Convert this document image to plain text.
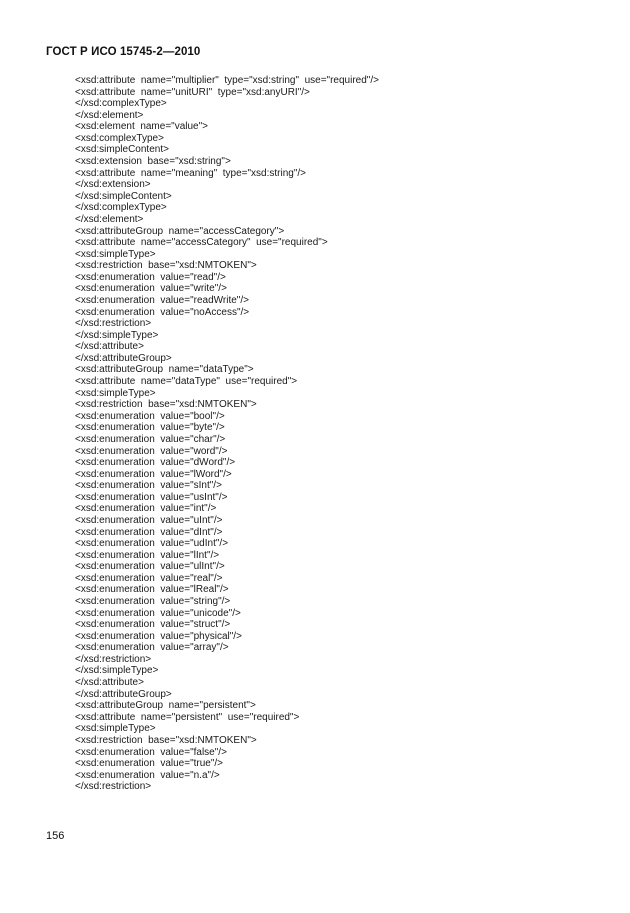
ГОСТ Р ИСО 15745-2—2010
<xsd:attribute  name="multiplier"  type="xsd:string"  use="required"/>
<xsd:attribute  name="unitURI"  type="xsd:anyURI"/>
</xsd:complexType>
</xsd:element>
<xsd:element  name="value">
<xsd:complexType>
<xsd:simpleContent>
<xsd:extension  base="xsd:string">
<xsd:attribute  name="meaning"  type="xsd:string"/>
</xsd:extension>
</xsd:simpleContent>
</xsd:complexType>
</xsd:element>
<xsd:attributeGroup  name="accessCategory">
<xsd:attribute  name="accessCategory"  use="required">
<xsd:simpleType>
<xsd:restriction  base="xsd:NMTOKEN">
<xsd:enumeration  value="read"/>
<xsd:enumeration  value="write"/>
<xsd:enumeration  value="readWrite"/>
<xsd:enumeration  value="noAccess"/>
</xsd:restriction>
</xsd:simpleType>
</xsd:attribute>
</xsd:attributeGroup>
<xsd:attributeGroup  name="dataType">
<xsd:attribute  name="dataType"  use="required">
<xsd:simpleType>
<xsd:restriction  base="xsd:NMTOKEN">
<xsd:enumeration  value="bool"/>
<xsd:enumeration  value="byte"/>
<xsd:enumeration  value="char"/>
<xsd:enumeration  value="word"/>
<xsd:enumeration  value="dWord"/>
<xsd:enumeration  value="lWord"/>
<xsd:enumeration  value="sInt"/>
<xsd:enumeration  value="usInt"/>
<xsd:enumeration  value="int"/>
<xsd:enumeration  value="uInt"/>
<xsd:enumeration  value="dInt"/>
<xsd:enumeration  value="udInt"/>
<xsd:enumeration  value="lInt"/>
<xsd:enumeration  value="ulInt"/>
<xsd:enumeration  value="real"/>
<xsd:enumeration  value="lReal"/>
<xsd:enumeration  value="string"/>
<xsd:enumeration  value="unicode"/>
<xsd:enumeration  value="struct"/>
<xsd:enumeration  value="physical"/>
<xsd:enumeration  value="array"/>
</xsd:restriction>
</xsd:simpleType>
</xsd:attribute>
</xsd:attributeGroup>
<xsd:attributeGroup  name="persistent">
<xsd:attribute  name="persistent"  use="required">
<xsd:simpleType>
<xsd:restriction  base="xsd:NMTOKEN">
<xsd:enumeration  value="false"/>
<xsd:enumeration  value="true"/>
<xsd:enumeration  value="n.a"/>
</xsd:restriction>
156
